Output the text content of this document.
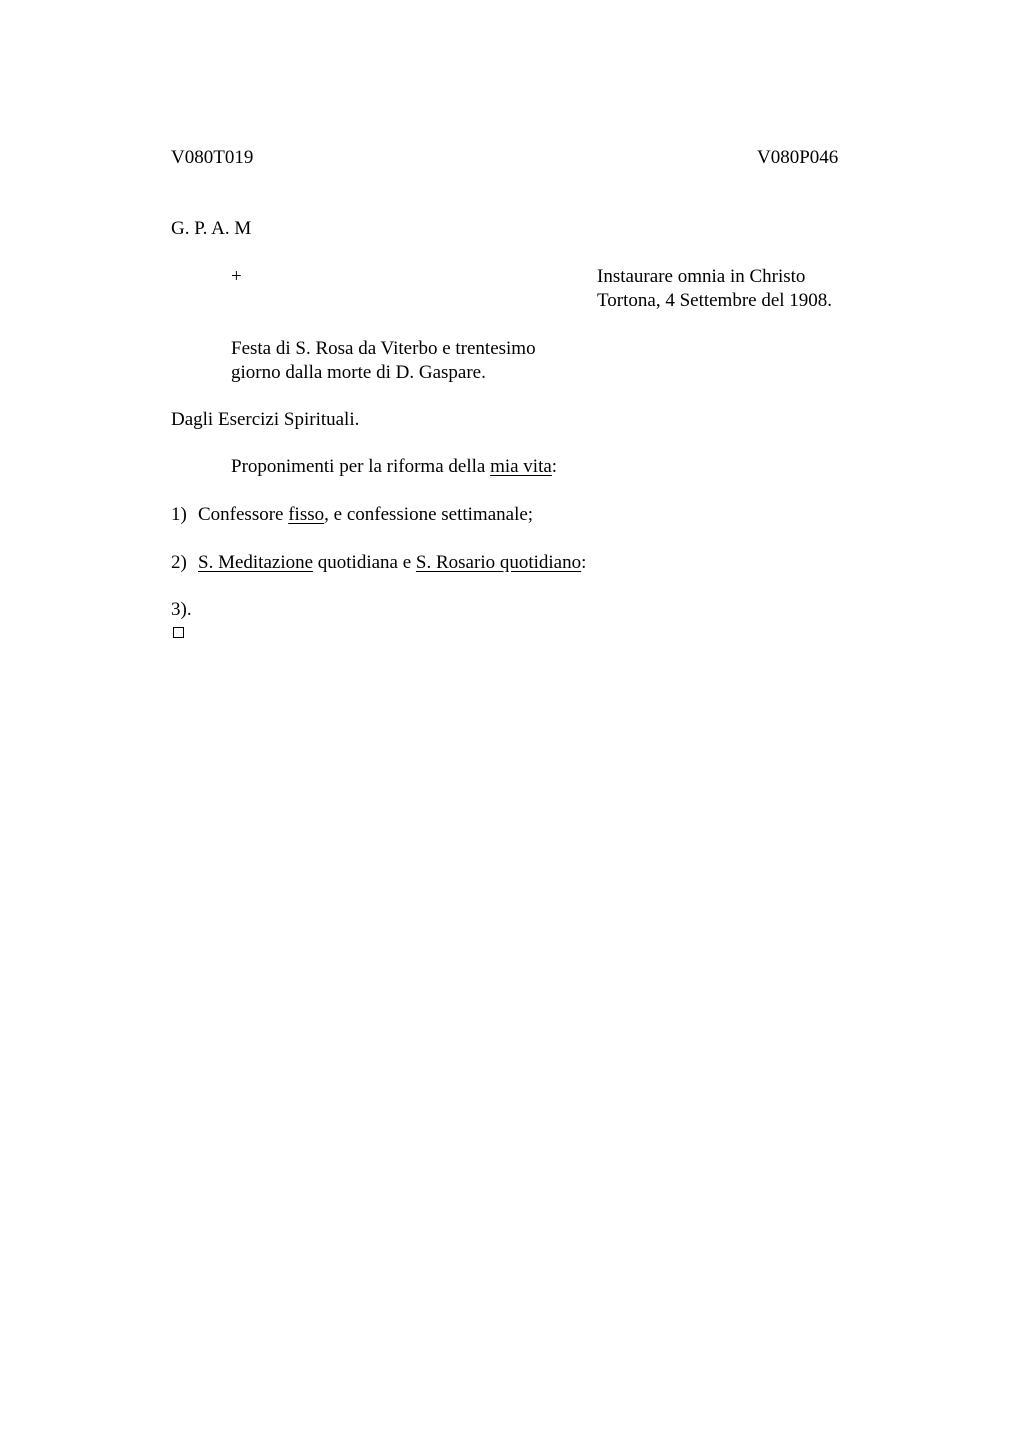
V080T019	V080P046
G. P. A. M
+	Instaurare omnia in Christo
Tortona, 4 Settembre del 1908.
Festa di S. Rosa da Viterbo e trentesimo
giorno dalla morte di D. Gaspare.
Dagli Esercizi Spirituali.
Proponimenti per la riforma della mia vita:
1) Confessore fisso, e confessione settimanale;
2) S. Meditazione quotidiana e S. Rosario quotidiano:
3).
